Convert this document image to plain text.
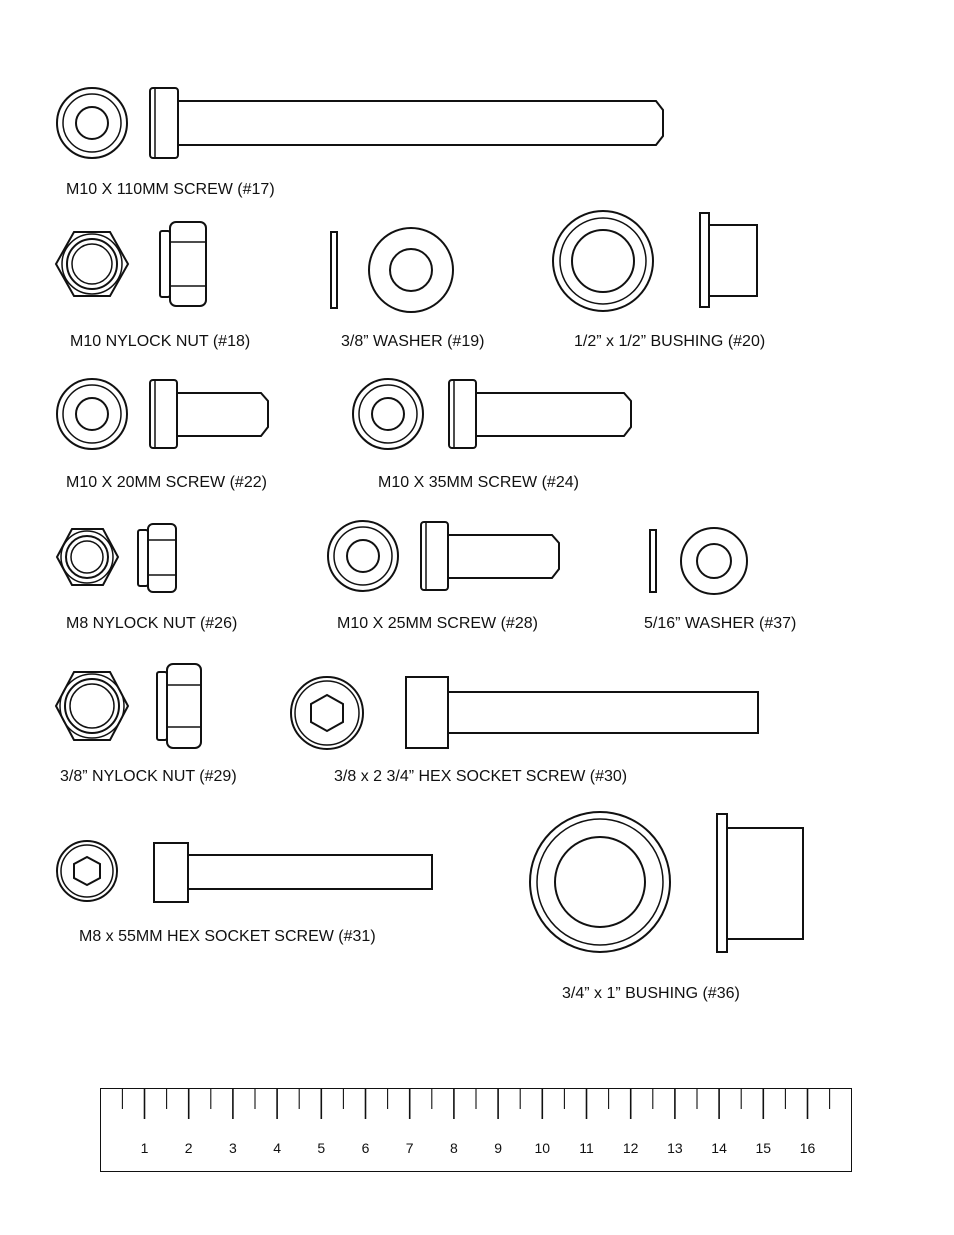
M10 X 110MM SCREW (#17)
M10 NYLOCK NUT (#18)	3/8” WASHER (#19)	1/2” x 1/2” BUSHING (#20)
M10 X 20MM SCREW (#22)	M10 X 35MM SCREW (#24)
M8 NYLOCK NUT (#26)	M10 X 25MM SCREW (#28)	5/16” WASHER (#37)
3/8” NYLOCK NUT (#29)	3/8 x 2 3/4” HEX SOCKET SCREW (#30)
M8 x 55MM HEX SOCKET SCREW (#31)
3/4” x 1” BUSHING (#36)
1	2	3	4	5	6	7	8	9 10 11 12 13 14 15 16
